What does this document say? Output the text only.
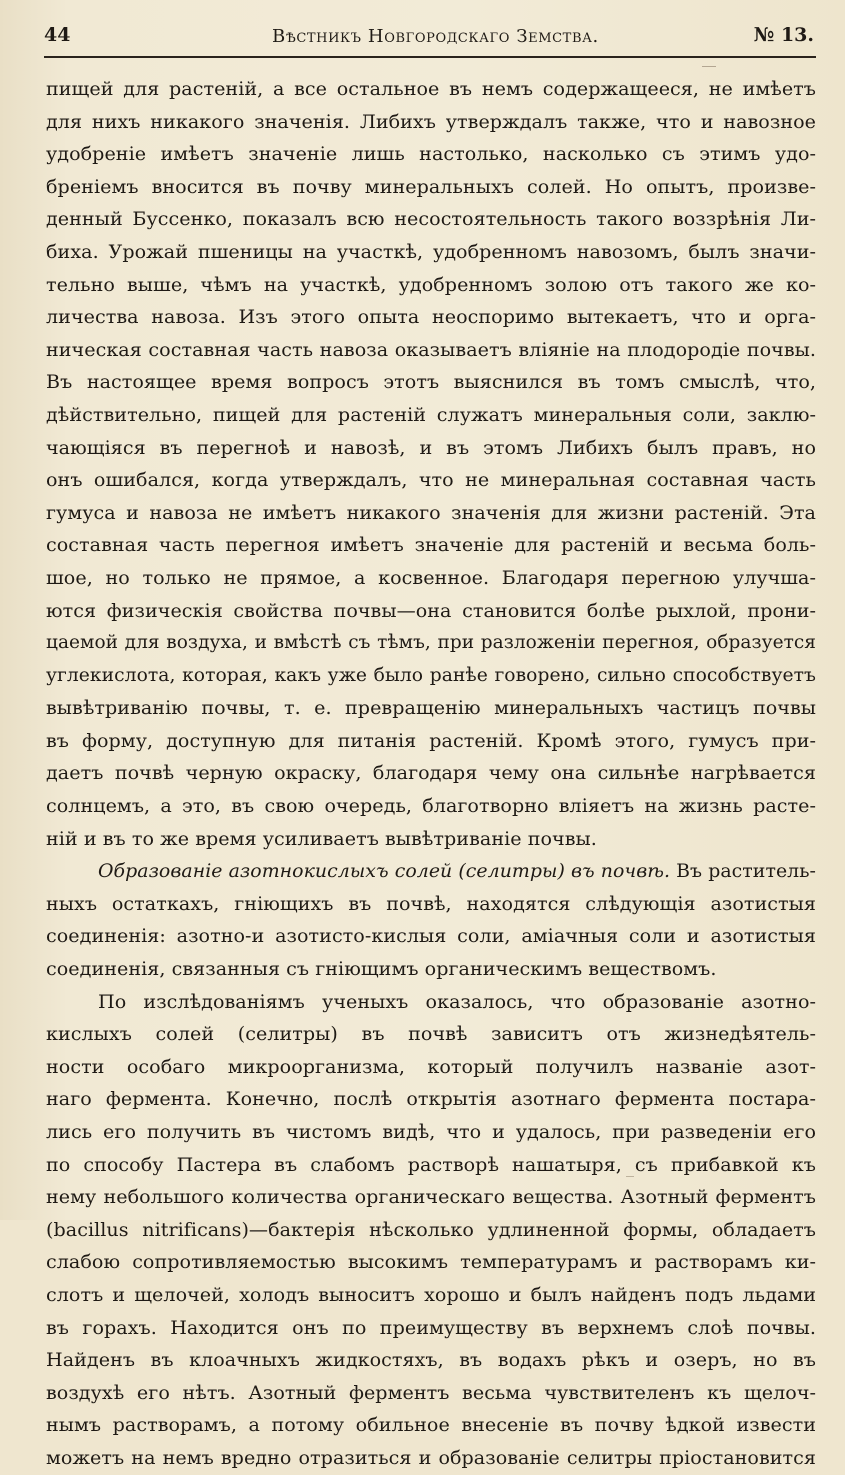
44	Вѣстникъ Новгородскаго Земства.	№ 13.
пищей для растеній, а все остальное въ немъ содержащееся, не имѣетъ
для нихъ никакого значенія. Либихъ утверждалъ также, что и навозное
удобреніе имѣетъ значеніе лишь настолько, насколько съ этимъ удо-
бреніемъ вносится въ почву минеральныхъ солей. Но опытъ, произве-
денный Буссенко, показалъ всю несостоятельность такого воззрѣнія Ли-
биха. Урожай пшеницы на участкѣ, удобренномъ навозомъ, былъ значи-
тельно выше, чѣмъ на участкѣ, удобренномъ золою отъ такого же ко-
личества навоза. Изъ этого опыта неоспоримо вытекаетъ, что и орга-
ническая составная часть навоза оказываетъ вліяніе на плодородіе почвы.
Въ настоящее время вопросъ этотъ выяснился въ томъ смыслѣ, что,
дѣйствительно, пищей для растеній служатъ минеральныя соли, заклю-
чающіяся въ перегноѣ и навозѣ, и въ этомъ Либихъ былъ правъ, но
онъ ошибался, когда утверждалъ, что не минеральная составная часть
гумуса и навоза не имѣетъ никакого значенія для жизни растеній. Эта
составная часть перегноя имѣетъ значеніе для растеній и весьма боль-
шое, но только не прямое, а косвенное. Благодаря перегною улучша-
ются физическія свойства почвы—она становится болѣе рыхлой, прони-
цаемой для воздуха, и вмѣстѣ съ тѣмъ, при разложеніи перегноя, образуется
углекислота, которая, какъ уже было ранѣе говорено, сильно способствуетъ
вывѣтриванію почвы, т. е. превращенію минеральныхъ частицъ почвы
въ форму, доступную для питанія растеній. Кромѣ этого, гумусъ при-
даетъ почвѣ черную окраску, благодаря чему она сильнѣе нагрѣвается
солнцемъ, а это, въ свою очередь, благотворно вліяетъ на жизнь расте-
ній и въ то же время усиливаетъ вывѣтриваніе почвы.
Образованіе азотнокислыхъ солей (селитры) въ почвѣ. Въ раститель-
ныхъ остаткахъ, гніющихъ въ почвѣ, находятся слѣдующія азотистыя
соединенія: азотно-и азотисто-кислыя соли, аміачныя соли и азотистыя
соединенія, связанныя съ гніющимъ органическимъ веществомъ.
По изслѣдованіямъ ученыхъ оказалось, что образованіе азотно-
кислыхъ солей (селитры) въ почвѣ зависитъ отъ жизнедѣятель-
ности особаго микроорганизма, который получилъ названіе азот-
наго фермента. Конечно, послѣ открытія азотнаго фермента постара-
лись его получить въ чистомъ видѣ, что и удалось, при разведеніи его
по способу Пастера въ слабомъ растворѣ нашатыря, съ прибавкой къ
нему небольшого количества органическаго вещества. Азотный ферментъ
(bacillus nitrificans)—бактерія нѣсколько удлиненной формы, обладаетъ
слабою сопротивляемостью высокимъ температурамъ и растворамъ ки-
слотъ и щелочей, холодъ выноситъ хорошо и былъ найденъ подъ льдами
въ горахъ. Находится онъ по преимуществу въ верхнемъ слоѣ почвы.
Найденъ въ клоачныхъ жидкостяхъ, въ водахъ рѣкъ и озеръ, но въ
воздухѣ его нѣтъ. Азотный ферментъ весьма чувствителенъ къ щелоч-
нымъ растворамъ, а потому обильное внесеніе въ почву ѣдкой извести
можетъ на немъ вредно отразиться и образованіе селитры пріостановится
